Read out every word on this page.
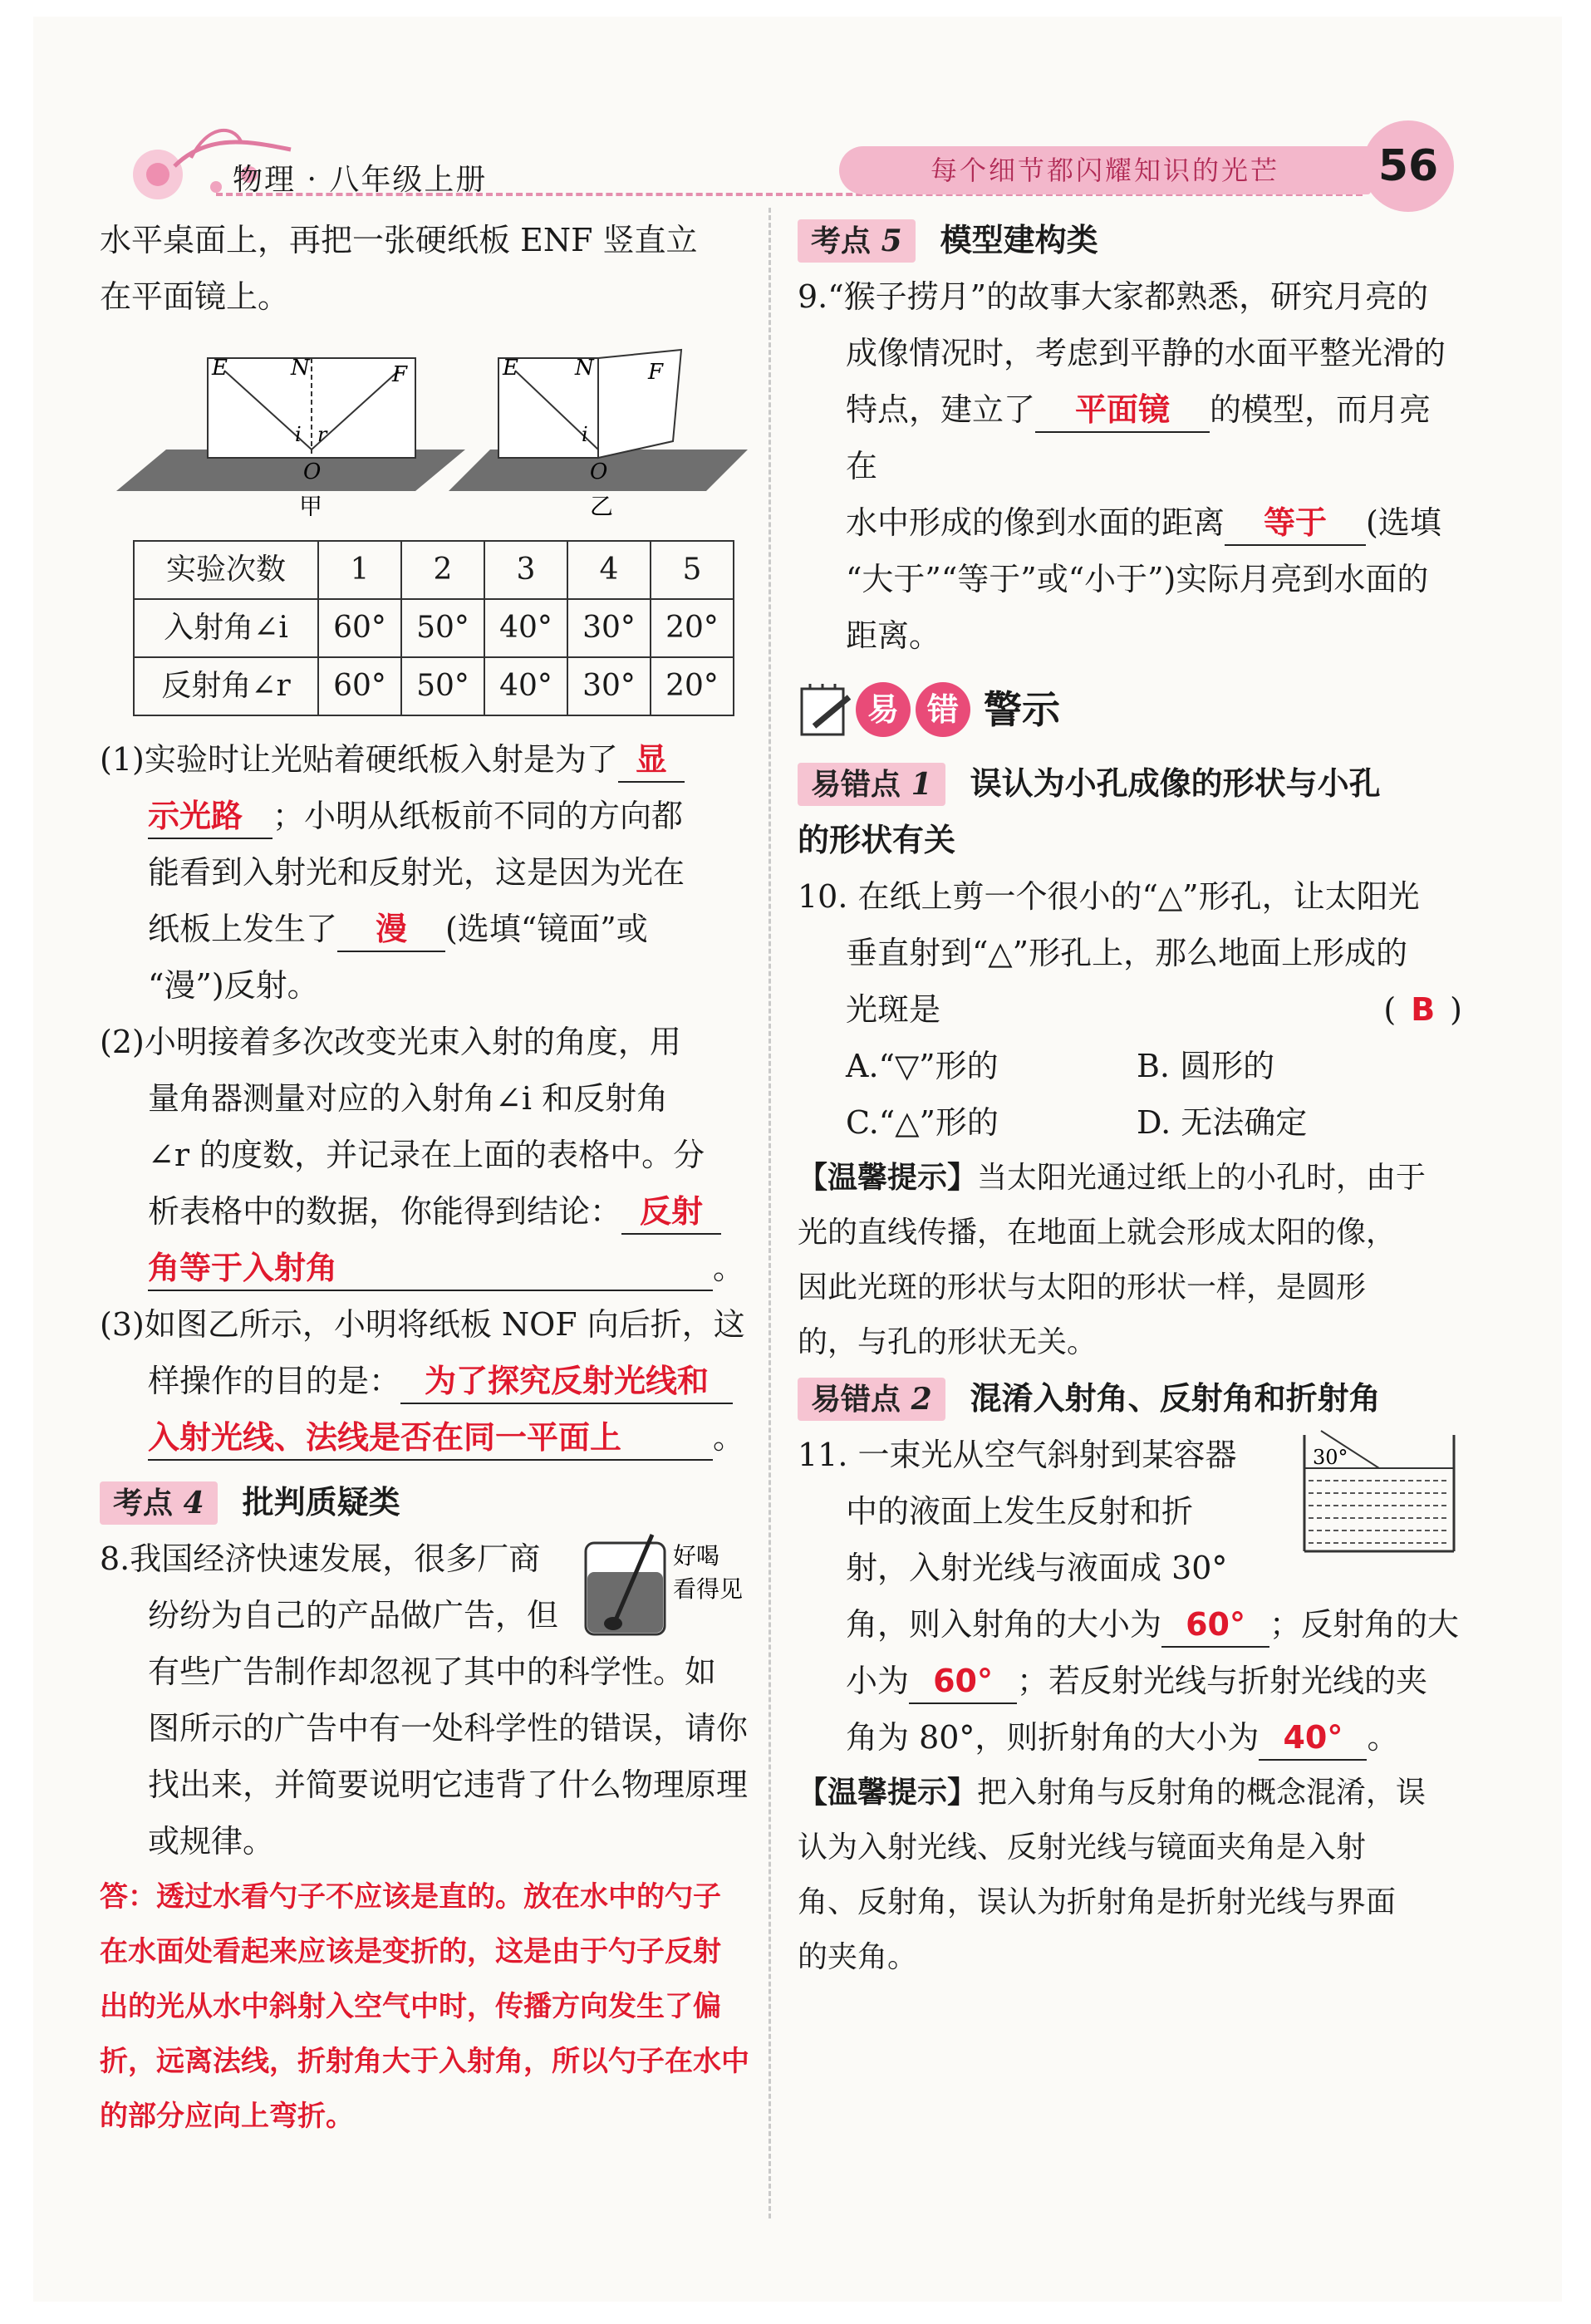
物理 · 八年级上册	每个细节都闪耀知识的光芒	56

水平桌面上，再把一张硬纸板 ENF 竖直立

在平面镜上。

E	N	F
i r
O
甲
E	N	F
i
O
乙
实验次数	1	2	3	4	5
入射角∠i	60°	50°	40°	30°	20°
反射角∠r	60°	50°	40°	30°	20°

(1)实验时让光贴着硬纸板入射是为了 显

示光路 ；小明从纸板前不同的方向都

能看到入射光和反射光，这是因为光在

纸板上发生了 漫 (选填“镜面”或

“漫”)反射。

(2)小明接着多次改变光束入射的角度，用

量角器测量对应的入射角∠i 和反射角

∠r 的度数，并记录在上面的表格中。分

析表格中的数据，你能得到结论： 反射

角等于入射角	。

(3)如图乙所示，小明将纸板 NOF 向后折，这

样操作的目的是： 为了探究反射光线和

入射光线、法线是否在同一平面上	。

考点 4 批判质疑类

好喝
看得见

8.我国经济快速发展，很多厂商

纷纷为自己的产品做广告，但

有些广告制作却忽视了其中的科学性。如

图所示的广告中有一处科学性的错误，请你

找出来，并简要说明它违背了什么物理原理

或规律。

答：透过水看勺子不应该是直的。放在水中的勺子

在水面处看起来应该是变折的，这是由于勺子反射

出的光从水中斜射入空气中时，传播方向发生了偏

折，远离法线，折射角大于入射角，所以勺子在水中

的部分应向上弯折。

考点 5 模型建构类

9.“猴子捞月”的故事大家都熟悉，研究月亮的

成像情况时，考虑到平静的水面平整光滑的

特点，建立了 平面镜 的模型，而月亮在

水中形成的像到水面的距离 等于 (选填

“大于”“等于”或“小于”)实际月亮到水面的

距离。

易 错 警示

易错点 1 误认为小孔成像的形状与小孔

的形状有关

10. 在纸上剪一个很小的“△”形孔，让太阳光

垂直射到“△”形孔上，那么地面上形成的

光斑是	( B )

A.“▽”形的	B. 圆形的

C.“△”形的	D. 无法确定

【温馨提示】当太阳光通过纸上的小孔时，由于

光的直线传播，在地面上就会形成太阳的像，

因此光斑的形状与太阳的形状一样，是圆形

的，与孔的形状无关。

易错点 2 混淆入射角、反射角和折射角

30°

11. 一束光从空气斜射到某容器

中的液面上发生反射和折

射，入射光线与液面成 30°

角，则入射角的大小为 60° ；反射角的大

小为 60° ；若反射光线与折射光线的夹

角为 80°，则折射角的大小为 40° 。

【温馨提示】把入射角与反射角的概念混淆，误

认为入射光线、反射光线与镜面夹角是入射

角、反射角，误认为折射角是折射光线与界面

的夹角。
